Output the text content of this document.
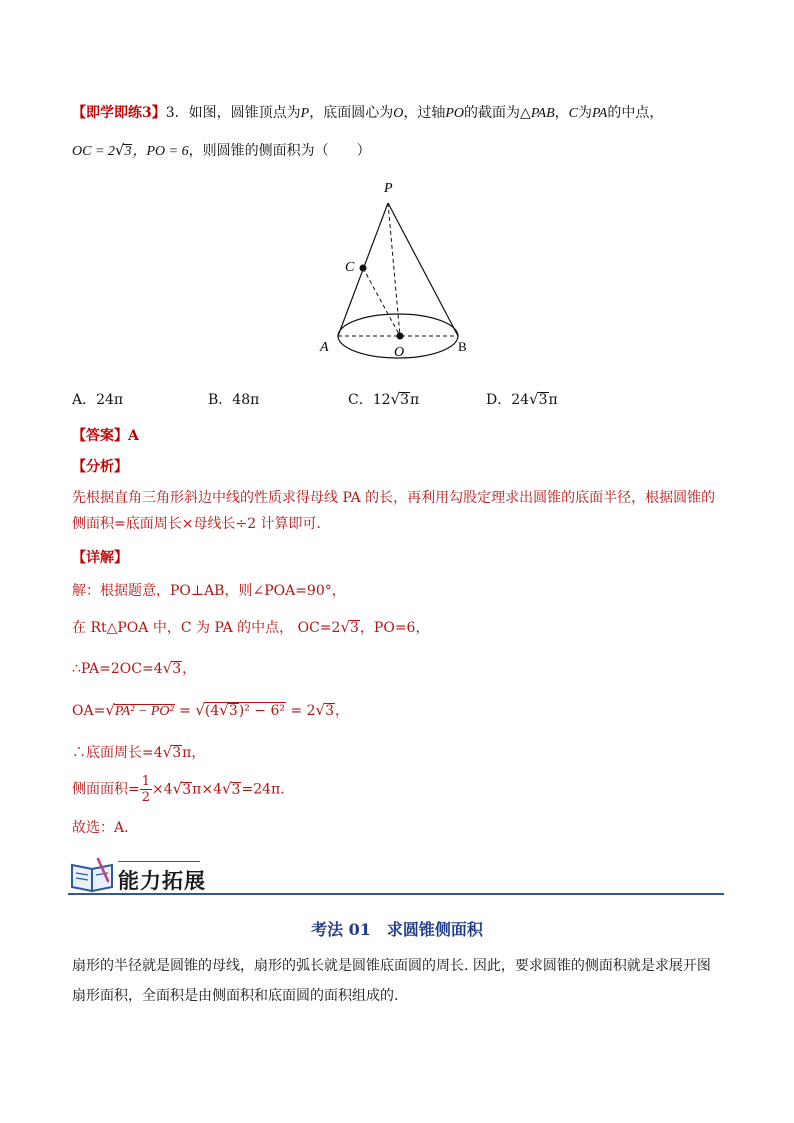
【即学即练3】3．如图，圆锥顶点为P，底面圆心为O，过轴PO的截面为△PAB，C为PA的中点，
OC = 2√3，PO = 6，则圆锥的侧面积为（　　）
P
C
A	O	B
A．24π	B．48π	C．12√3π	D．24√3π
【答案】A
【分析】
先根据直角三角形斜边中线的性质求得母线 PA 的长，再利用勾股定理求出圆锥的底面半径，根据圆锥的侧面积=底面周长×母线长÷2 计算即可．
【详解】
解：根据题意，PO⊥AB，则∠POA=90°，
在 Rt△POA 中，C 为 PA 的中点， OC=2√3，PO=6，
∴PA=2OC=4√3，
OA=√PA² − PO² = √(4√3)² − 6² = 2√3，
∴底面周长=4√3π，
侧面面积= $\frac{1}{2} \times 4√3\pi\times 4√3=24\pi$.
故选：A．
能力拓展
考法 01　求圆锥侧面积
扇形的半径就是圆锥的母线，扇形的弧长就是圆锥底面圆的周长. 因此，要求圆锥的侧面积就是求展开图扇形面积，全面积是由侧面积和底面圆的面积组成的.
